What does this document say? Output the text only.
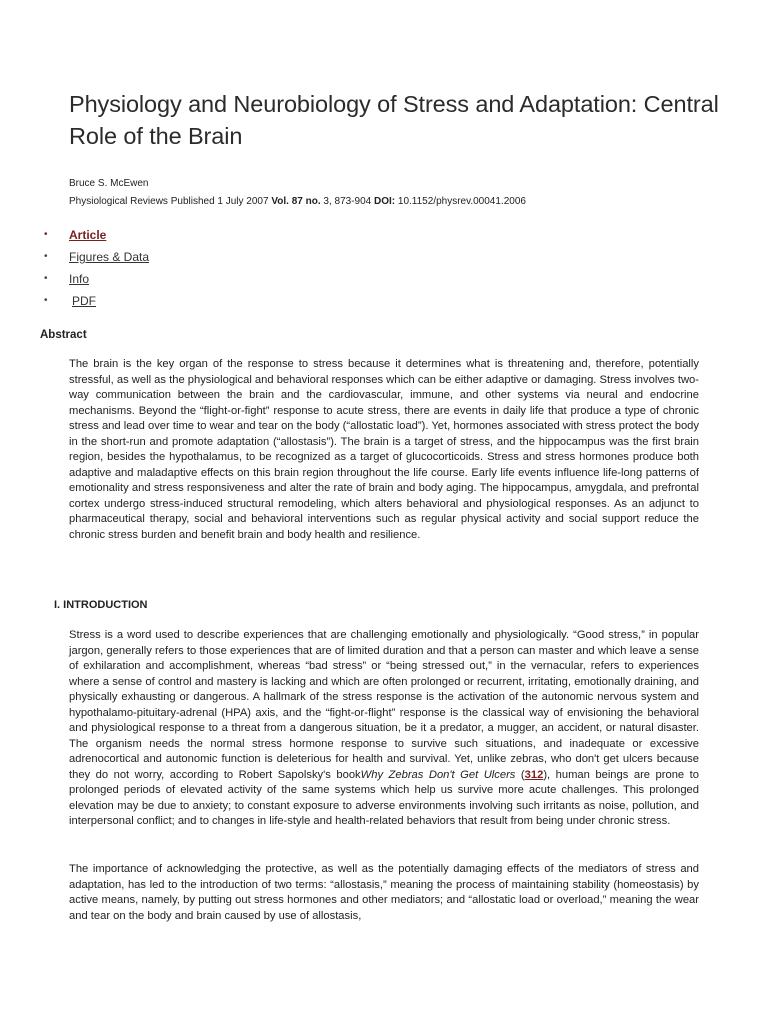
Physiology and Neurobiology of Stress and Adaptation: Central Role of the Brain
Bruce S. McEwen
Physiological Reviews Published 1 July 2007 Vol. 87 no. 3, 873-904 DOI: 10.1152/physrev.00041.2006
• Article
• Figures & Data
• Info
• PDF
Abstract

The brain is the key organ of the response to stress because it determines what is threatening and, therefore, potentially stressful, as well as the physiological and behavioral responses which can be either adaptive or damaging. Stress involves two-way communication between the brain and the cardiovascular, immune, and other systems via neural and endocrine mechanisms. Beyond the “flight-or-fight” response to acute stress, there are events in daily life that produce a type of chronic stress and lead over time to wear and tear on the body (“allostatic load”). Yet, hormones associated with stress protect the body in the short-run and promote adaptation (“allostasis”). The brain is a target of stress, and the hippocampus was the first brain region, besides the hypothalamus, to be recognized as a target of glucocorticoids. Stress and stress hormones produce both adaptive and maladaptive effects on this brain region throughout the life course. Early life events influence life-long patterns of emotionality and stress responsiveness and alter the rate of brain and body aging. The hippocampus, amygdala, and prefrontal cortex undergo stress-induced structural remodeling, which alters behavioral and physiological responses. As an adjunct to pharmaceutical therapy, social and behavioral interventions such as regular physical activity and social support reduce the chronic stress burden and benefit brain and body health and resilience.

I. INTRODUCTION

Stress is a word used to describe experiences that are challenging emotionally and physiologically. “Good stress,” in popular jargon, generally refers to those experiences that are of limited duration and that a person can master and which leave a sense of exhilaration and accomplishment, whereas “bad stress” or “being stressed out,” in the vernacular, refers to experiences where a sense of control and mastery is lacking and which are often prolonged or recurrent, irritating, emotionally draining, and physically exhausting or dangerous. A hallmark of the stress response is the activation of the autonomic nervous system and hypothalamo-pituitary-adrenal (HPA) axis, and the “fight-or-flight” response is the classical way of envisioning the behavioral and physiological response to a threat from a dangerous situation, be it a predator, a mugger, an accident, or natural disaster. The organism needs the normal stress hormone response to survive such situations, and inadequate or excessive adrenocortical and autonomic function is deleterious for health and survival. Yet, unlike zebras, who don't get ulcers because they do not worry, according to Robert Sapolsky's bookWhy Zebras Don't Get Ulcers (312), human beings are prone to prolonged periods of elevated activity of the same systems which help us survive more acute challenges. This prolonged elevation may be due to anxiety; to constant exposure to adverse environments involving such irritants as noise, pollution, and interpersonal conflict; and to changes in life-style and health-related behaviors that result from being under chronic stress.

The importance of acknowledging the protective, as well as the potentially damaging effects of the mediators of stress and adaptation, has led to the introduction of two terms: “allostasis,” meaning the process of maintaining stability (homeostasis) by active means, namely, by putting out stress hormones and other mediators; and “allostatic load or overload,” meaning the wear and tear on the body and brain caused by use of allostasis,
